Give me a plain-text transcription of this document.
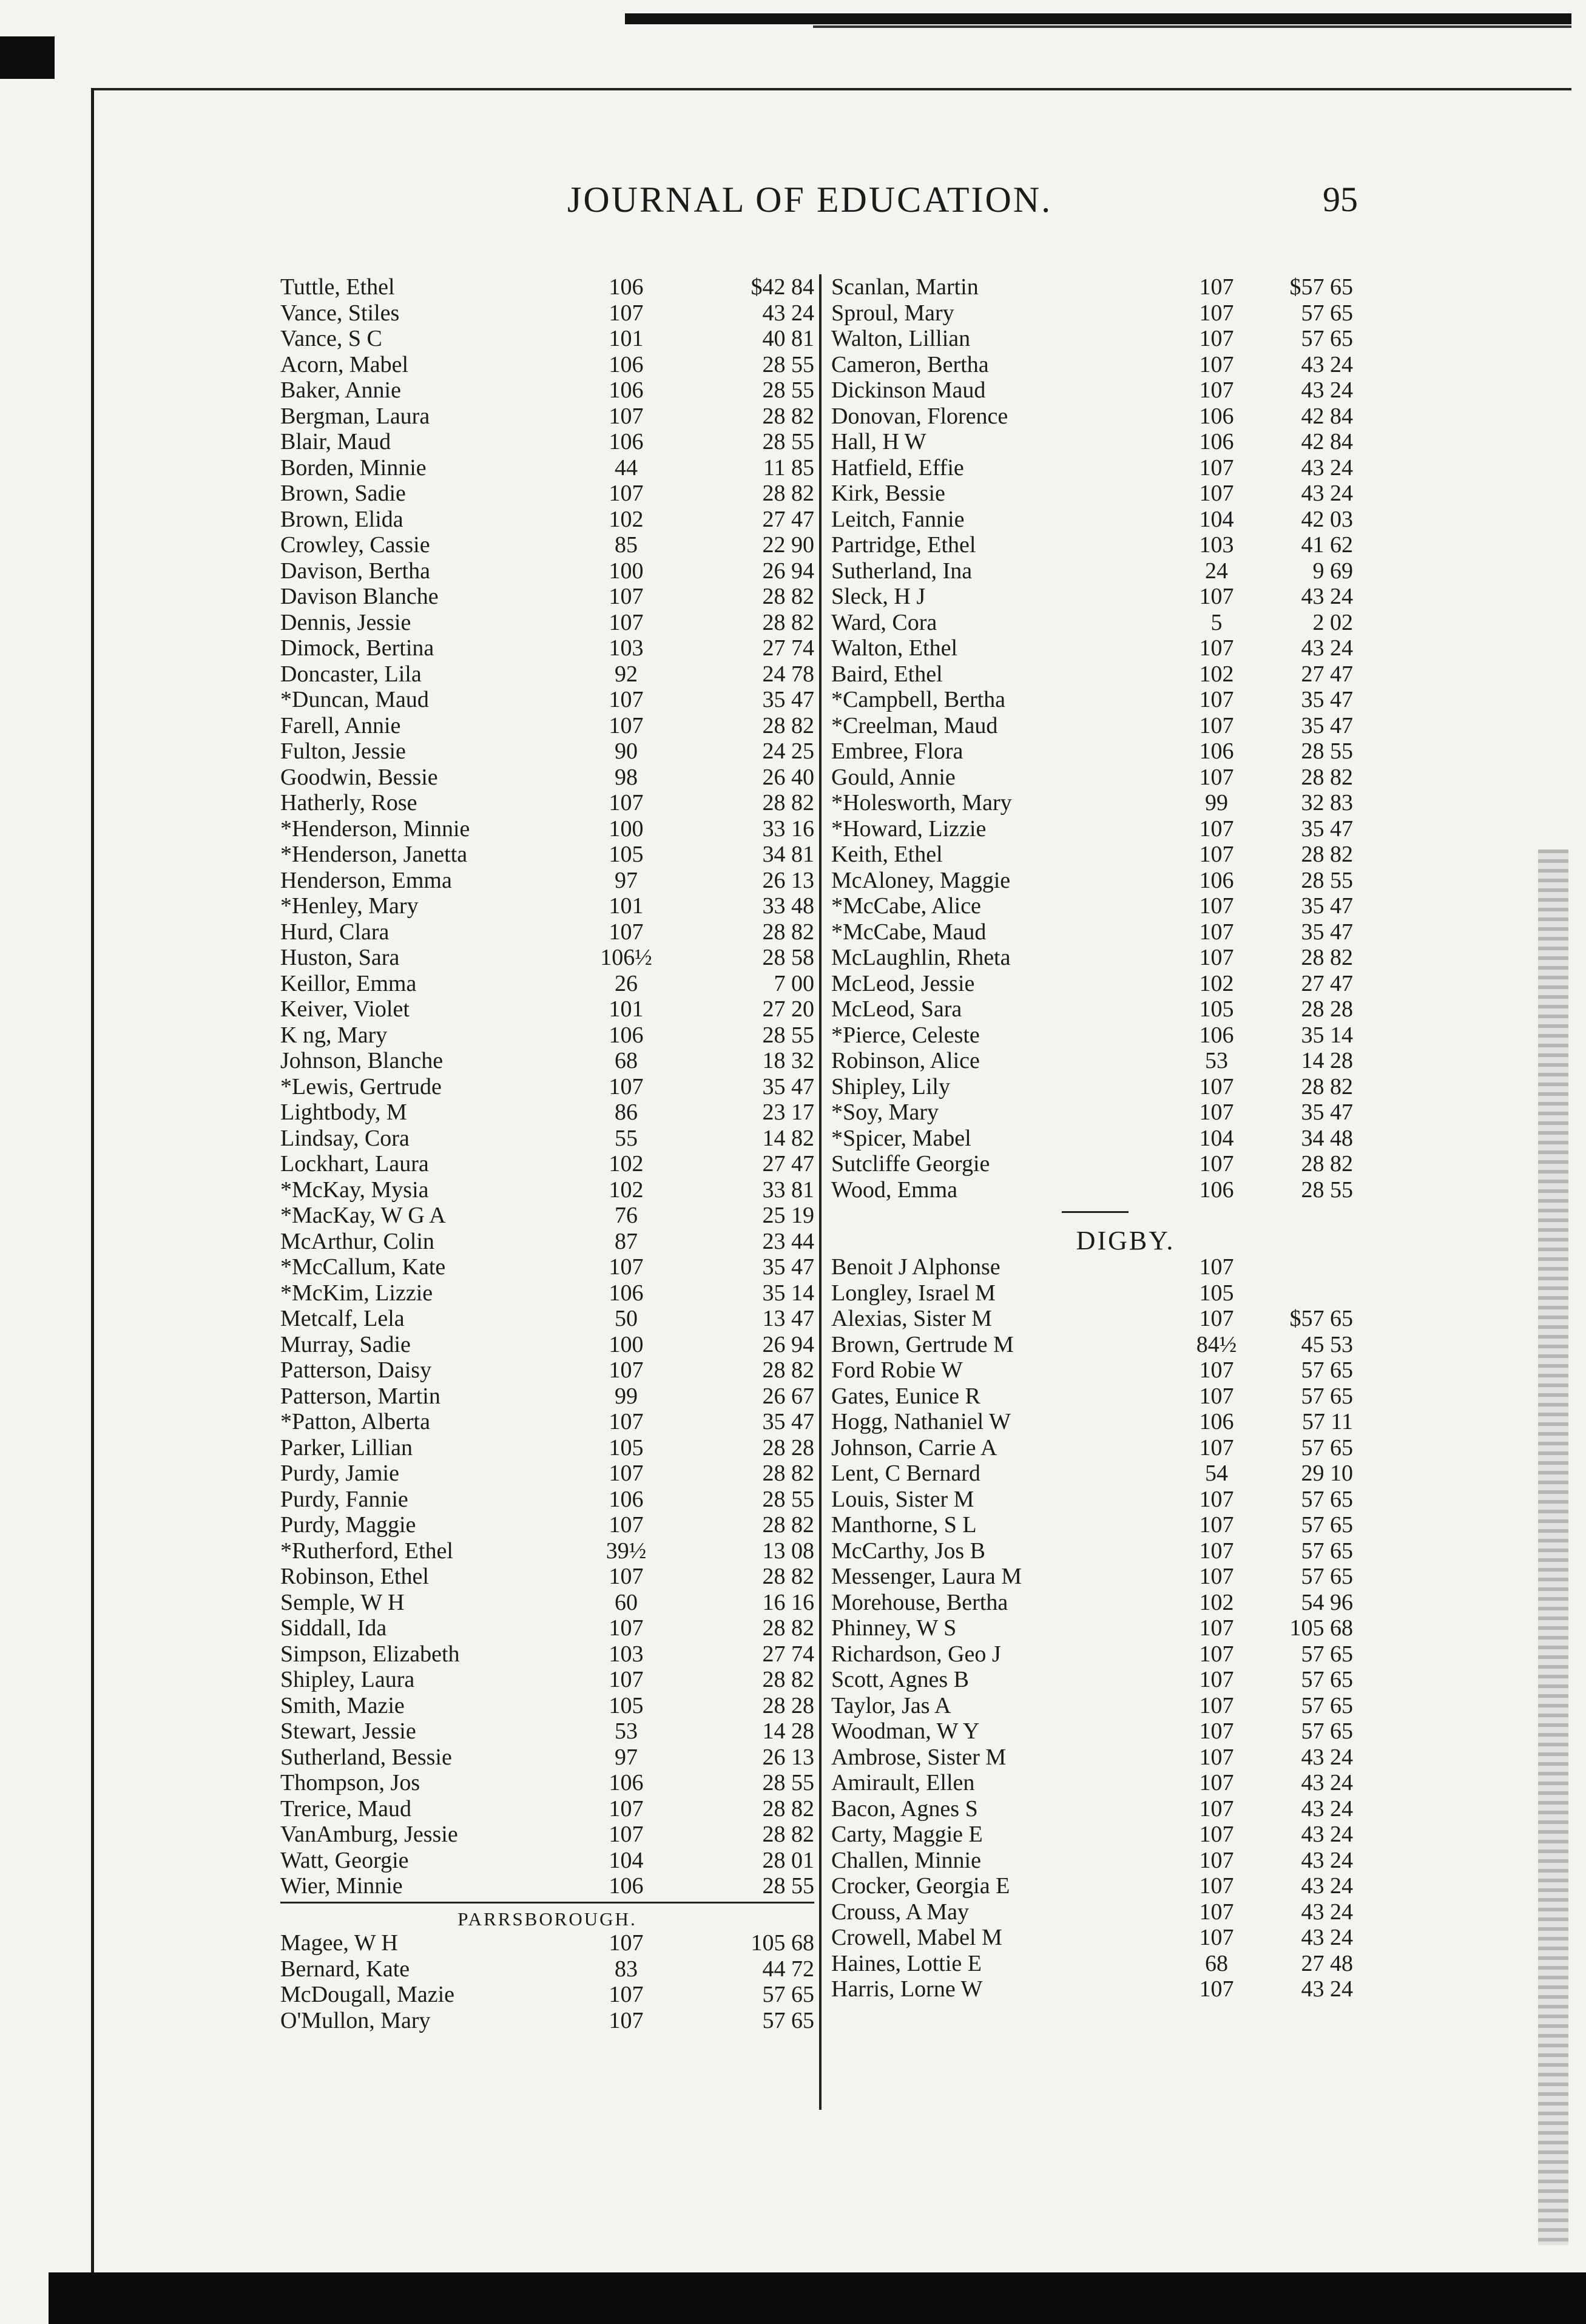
JOURNAL OF EDUCATION.	95
Tuttle, Ethel	106	$42 84
Vance, Stiles	107	43 24
Vance, S C	101	40 81
Acorn, Mabel	106	28 55
Baker, Annie	106	28 55
Bergman, Laura	107	28 82
Blair, Maud	106	28 55
Borden, Minnie	44	11 85
Brown, Sadie	107	28 82
Brown, Elida	102	27 47
Crowley, Cassie	85	22 90
Davison, Bertha	100	26 94
Davison Blanche	107	28 82
Dennis, Jessie	107	28 82
Dimock, Bertina	103	27 74
Doncaster, Lila	92	24 78
*Duncan, Maud	107	35 47
Farell, Annie	107	28 82
Fulton, Jessie	90	24 25
Goodwin, Bessie	98	26 40
Hatherly, Rose	107	28 82
*Henderson, Minnie	100	33 16
*Henderson, Janetta	105	34 81
Henderson, Emma	97	26 13
*Henley, Mary	101	33 48
Hurd, Clara	107	28 82
Huston, Sara	106½	28 58
Keillor, Emma	26	7 00
Keiver, Violet	101	27 20
K ng, Mary	106	28 55
Johnson, Blanche	68	18 32
*Lewis, Gertrude	107	35 47
Lightbody, M	86	23 17
Lindsay, Cora	55	14 82
Lockhart, Laura	102	27 47
*McKay, Mysia	102	33 81
*MacKay, W G A	76	25 19
McArthur, Colin	87	23 44
*McCallum, Kate	107	35 47
*McKim, Lizzie	106	35 14
Metcalf, Lela	50	13 47
Murray, Sadie	100	26 94
Patterson, Daisy	107	28 82
Patterson, Martin	99	26 67
*Patton, Alberta	107	35 47
Parker, Lillian	105	28 28
Purdy, Jamie	107	28 82
Purdy, Fannie	106	28 55
Purdy, Maggie	107	28 82
*Rutherford, Ethel	39½	13 08
Robinson, Ethel	107	28 82
Semple, W H	60	16 16
Siddall, Ida	107	28 82
Simpson, Elizabeth	103	27 74
Shipley, Laura	107	28 82
Smith, Mazie	105	28 28
Stewart, Jessie	53	14 28
Sutherland, Bessie	97	26 13
Thompson, Jos	106	28 55
Trerice, Maud	107	28 82
VanAmburg, Jessie	107	28 82
Watt, Georgie	104	28 01
Wier, Minnie	106	28 55
PARRSBOROUGH.
Magee, W H	107	105 68
Bernard, Kate	83	44 72
McDougall, Mazie	107	57 65
O'Mullon, Mary	107	57 65
Scanlan, Martin	107	$57 65
Sproul, Mary	107	57 65
Walton, Lillian	107	57 65
Cameron, Bertha	107	43 24
Dickinson Maud	107	43 24
Donovan, Florence	106	42 84
Hall, H W	106	42 84
Hatfield, Effie	107	43 24
Kirk, Bessie	107	43 24
Leitch, Fannie	104	42 03
Partridge, Ethel	103	41 62
Sutherland, Ina	24	9 69
Sleck, H J	107	43 24
Ward, Cora	5	2 02
Walton, Ethel	107	43 24
Baird, Ethel	102	27 47
*Campbell, Bertha	107	35 47
*Creelman, Maud	107	35 47
Embree, Flora	106	28 55
Gould, Annie	107	28 82
*Holesworth, Mary	99	32 83
*Howard, Lizzie	107	35 47
Keith, Ethel	107	28 82
McAloney, Maggie	106	28 55
*McCabe, Alice	107	35 47
*McCabe, Maud	107	35 47
McLaughlin, Rheta	107	28 82
McLeod, Jessie	102	27 47
McLeod, Sara	105	28 28
*Pierce, Celeste	106	35 14
Robinson, Alice	53	14 28
Shipley, Lily	107	28 82
*Soy, Mary	107	35 47
*Spicer, Mabel	104	34 48
Sutcliffe Georgie	107	28 82
Wood, Emma	106	28 55
DIGBY.
Benoit J Alphonse	107
Longley, Israel M	105
Alexias, Sister M	107	$57 65
Brown, Gertrude M	84½	45 53
Ford Robie W	107	57 65
Gates, Eunice R	107	57 65
Hogg, Nathaniel W	106	57 11
Johnson, Carrie A	107	57 65
Lent, C Bernard	54	29 10
Louis, Sister M	107	57 65
Manthorne, S L	107	57 65
McCarthy, Jos B	107	57 65
Messenger, Laura M	107	57 65
Morehouse, Bertha	102	54 96
Phinney, W S	107	105 68
Richardson, Geo J	107	57 65
Scott, Agnes B	107	57 65
Taylor, Jas A	107	57 65
Woodman, W Y	107	57 65
Ambrose, Sister M	107	43 24
Amirault, Ellen	107	43 24
Bacon, Agnes S	107	43 24
Carty, Maggie E	107	43 24
Challen, Minnie	107	43 24
Crocker, Georgia E	107	43 24
Crouss, A May	107	43 24
Crowell, Mabel M	107	43 24
Haines, Lottie E	68	27 48
Harris, Lorne W	107	43 24
